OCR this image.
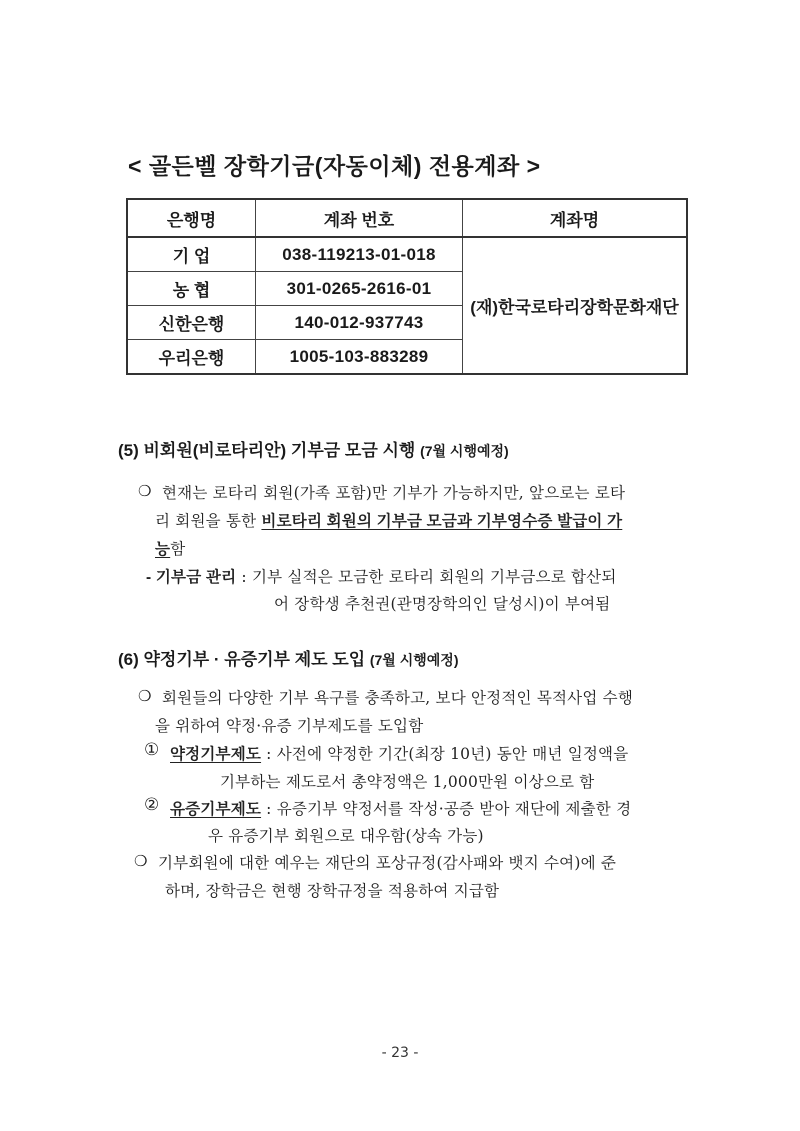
< 골든벨 장학기금(자동이체) 전용계좌 >
은행명	계좌 번호	계좌명
기 업	038-119213-01-018	(재)한국로타리장학문화재단
농 협	301-0265-2616-01	
신한은행	140-012-937743	
우리은행	1005-103-883289	
(5) 비회원(비로타리안) 기부금 모금 시행 (7월 시행예정)
❍ 현재는 로타리 회원(가족 포함)만 기부가 가능하지만, 앞으로는 로타
리 회원을 통한 비로타리 회원의 기부금 모금과 기부영수증 발급이 가
능함
- 기부금 관리 : 기부 실적은 모금한 로타리 회원의 기부금으로 합산되
어 장학생 추천권(관명장학의인 달성시)이 부여됨
(6) 약정기부 · 유증기부 제도 도입 (7월 시행예정)
❍ 회원들의 다양한 기부 욕구를 충족하고, 보다 안정적인 목적사업 수행
을 위하여 약정·유증 기부제도를 도입함
① 약정기부제도 : 사전에 약정한 기간(최장 10년) 동안 매년 일정액을
기부하는 제도로서 총약정액은 1,000만원 이상으로 함
② 유증기부제도 : 유증기부 약정서를 작성·공증 받아 재단에 제출한 경
우 유증기부 회원으로 대우함(상속 가능)
❍ 기부회원에 대한 예우는 재단의 포상규정(감사패와 뱃지 수여)에 준
하며, 장학금은 현행 장학규정을 적용하여 지급함
- 23 -
